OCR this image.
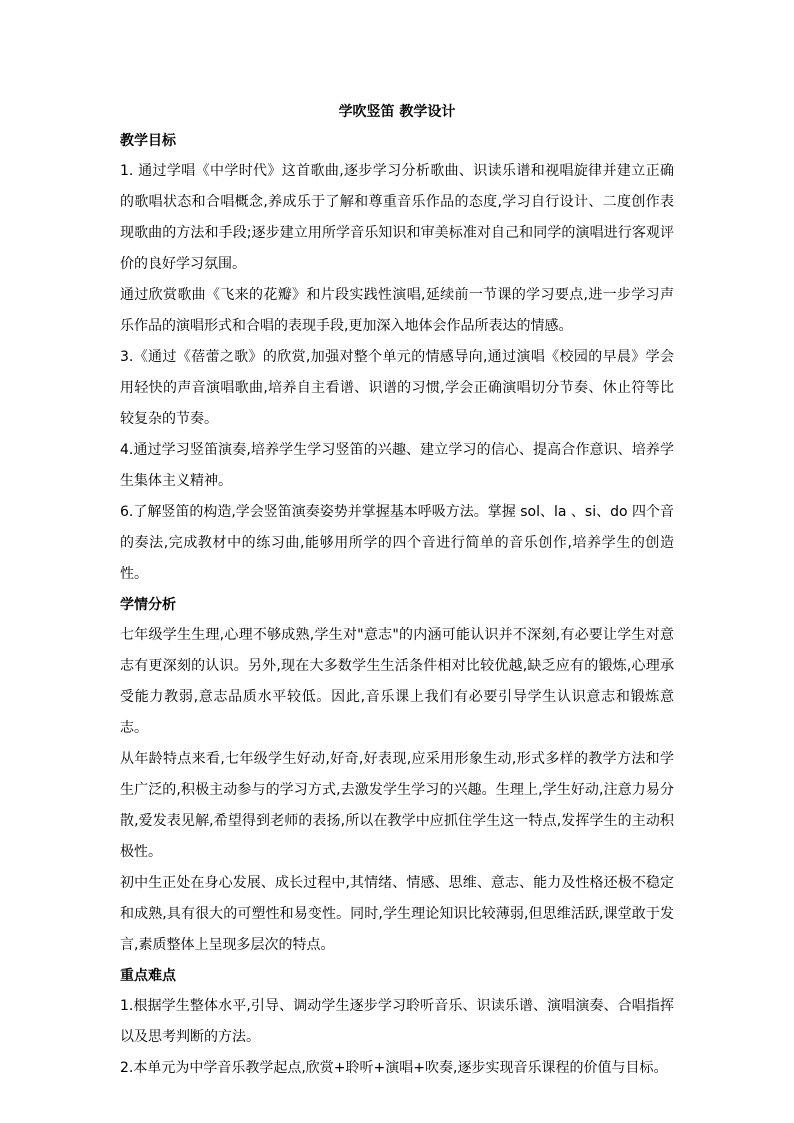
学吹竖笛 教学设计
教学目标

1. 通过学唱《中学时代》这首歌曲,逐步学习分析歌曲、识读乐谱和视唱旋律并建立正确的歌唱状态和合唱概念,养成乐于了解和尊重音乐作品的态度,学习自行设计、二度创作表现歌曲的方法和手段;逐步建立用所学音乐知识和审美标准对自己和同学的演唱进行客观评价的良好学习氛围。

通过欣赏歌曲《飞来的花瓣》和片段实践性演唱,延续前一节课的学习要点,进一步学习声乐作品的演唱形式和合唱的表现手段,更加深入地体会作品所表达的情感。

3.《通过《蓓蕾之歌》的欣赏,加强对整个单元的情感导向,通过演唱《校园的早晨》学会用轻快的声音演唱歌曲,培养自主看谱、识谱的习惯,学会正确演唱切分节奏、休止符等比较复杂的节奏。

4.通过学习竖笛演奏,培养学生学习竖笛的兴趣、建立学习的信心、提高合作意识、培养学生集体主义精神。

6.了解竖笛的构造,学会竖笛演奏姿势并掌握基本呼吸方法。掌握 sol、la 、si、do 四个音的奏法,完成教材中的练习曲,能够用所学的四个音进行简单的音乐创作,培养学生的创造性。

学情分析

七年级学生生理,心理不够成熟,学生对"意志"的内涵可能认识并不深刻,有必要让学生对意志有更深刻的认识。另外,现在大多数学生生活条件相对比较优越,缺乏应有的锻炼,心理承受能力教弱,意志品质水平较低。因此,音乐课上我们有必要引导学生认识意志和锻炼意志。

从年龄特点来看,七年级学生好动,好奇,好表现,应采用形象生动,形式多样的教学方法和学生广泛的,积极主动参与的学习方式,去激发学生学习的兴趣。生理上,学生好动,注意力易分散,爱发表见解,希望得到老师的表扬,所以在教学中应抓住学生这一特点,发挥学生的主动积极性。

初中生正处在身心发展、成长过程中,其情绪、情感、思维、意志、能力及性格还极不稳定和成熟,具有很大的可塑性和易变性。同时,学生理论知识比较薄弱,但思维活跃,课堂敢于发言,素质整体上呈现多层次的特点。

重点难点

1.根据学生整体水平,引导、调动学生逐步学习聆听音乐、识读乐谱、演唱演奏、合唱指挥以及思考判断的方法。

2.本单元为中学音乐教学起点,欣赏+聆听+演唱+吹奏,逐步实现音乐课程的价值与目标。
